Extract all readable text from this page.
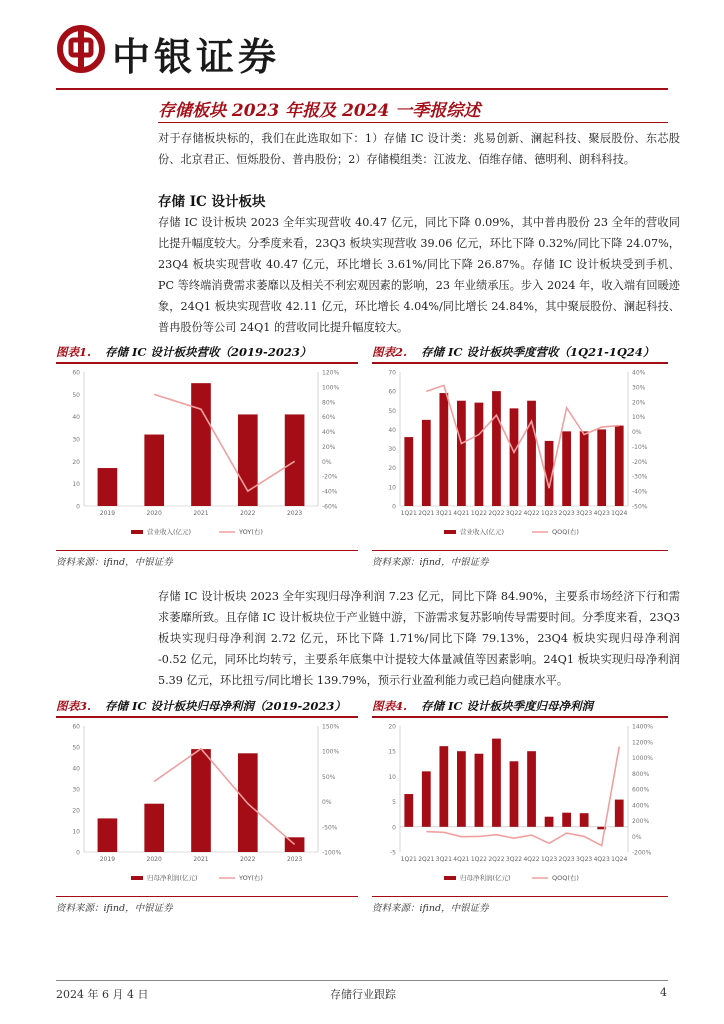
中银证券
存储板块 2023 年报及 2024 一季报综述
对于存储板块标的，我们在此选取如下：1）存储 IC 设计类：兆易创新、澜起科技、聚辰股份、东芯股份、北京君正、恒烁股份、普冉股份；2）存储模组类：江波龙、佰维存储、德明利、朗科科技。
存储 IC 设计板块
存储 IC 设计板块 2023 全年实现营收 40.47 亿元，同比下降 0.09%，其中普冉股份 23 全年的营收同比提升幅度较大。分季度来看，23Q3 板块实现营收 39.06 亿元，环比下降 0.32%/同比下降 24.07%，23Q4 板块实现营收 40.47 亿元，环比增长 3.61%/同比下降 26.87%。存储 IC 设计板块受到手机、PC 等终端消费需求萎靡以及相关不利宏观因素的影响，23 年业绩承压。步入 2024 年，收入端有回暖迹象，24Q1 板块实现营收 42.11 亿元，环比增长 4.04%/同比增长 24.84%，其中聚辰股份、澜起科技、普冉股份等公司 24Q1 的营收同比提升幅度较大。
图表1. 存储 IC 设计板块营收（2019-2023）
0
10
20
30
40
50
60
-60%
-40%
-20%
0%
20%
40%
60%
80%
100%
120%
2019	2020	2021	2022	2023
营业收入(亿元)	YOY(右)
资料来源：ifind，中银证券
图表2. 存储 IC 设计板块季度营收（1Q21-1Q24）
0
10
20
30
40
50
60
70
-50%
-40%
-30%
-20%
-10%
0%
10%
20%
30%
40%
1Q21 2Q21 3Q21 4Q21 1Q22 2Q22 3Q22 4Q22 1Q23 2Q23 3Q23 4Q23 1Q24
营业收入(亿元)	QOQ(右)
资料来源：ifind，中银证券
存储 IC 设计板块 2023 全年实现归母净利润 7.23 亿元，同比下降 84.90%，主要系市场经济下行和需求萎靡所致。且存储 IC 设计板块位于产业链中游，下游需求复苏影响传导需要时间。分季度来看，23Q3 板块实现归母净利润 2.72 亿元，环比下降 1.71%/同比下降 79.13%，23Q4 板块实现归母净利润 -0.52 亿元，同环比均转亏，主要系年底集中计提较大体量减值等因素影响。24Q1 板块实现归母净利润 5.39 亿元，环比扭亏/同比增长 139.79%，预示行业盈利能力或已趋向健康水平。
图表3. 存储 IC 设计板块归母净利润（2019-2023）
0
10
20
30
40
50
60
-100%
-50%
0%
50%
100%
150%
2019	2020	2021	2022	2023
归母净利润(亿元)	YOY(右)
资料来源：ifind，中银证券
图表4. 存储 IC 设计板块季度归母净利润
-5
0
5
10
15
20
-200%
0%
200%
400%
600%
800%
1000%
1200%
1400%
1Q21 2Q21 3Q21 4Q21 1Q22 2Q22 3Q22 4Q22 1Q23 2Q23 3Q23 4Q23 1Q24
归母净利润(亿元)	QOQ(右)
资料来源：ifind，中银证券
2024 年 6 月 4 日	存储行业跟踪	4
